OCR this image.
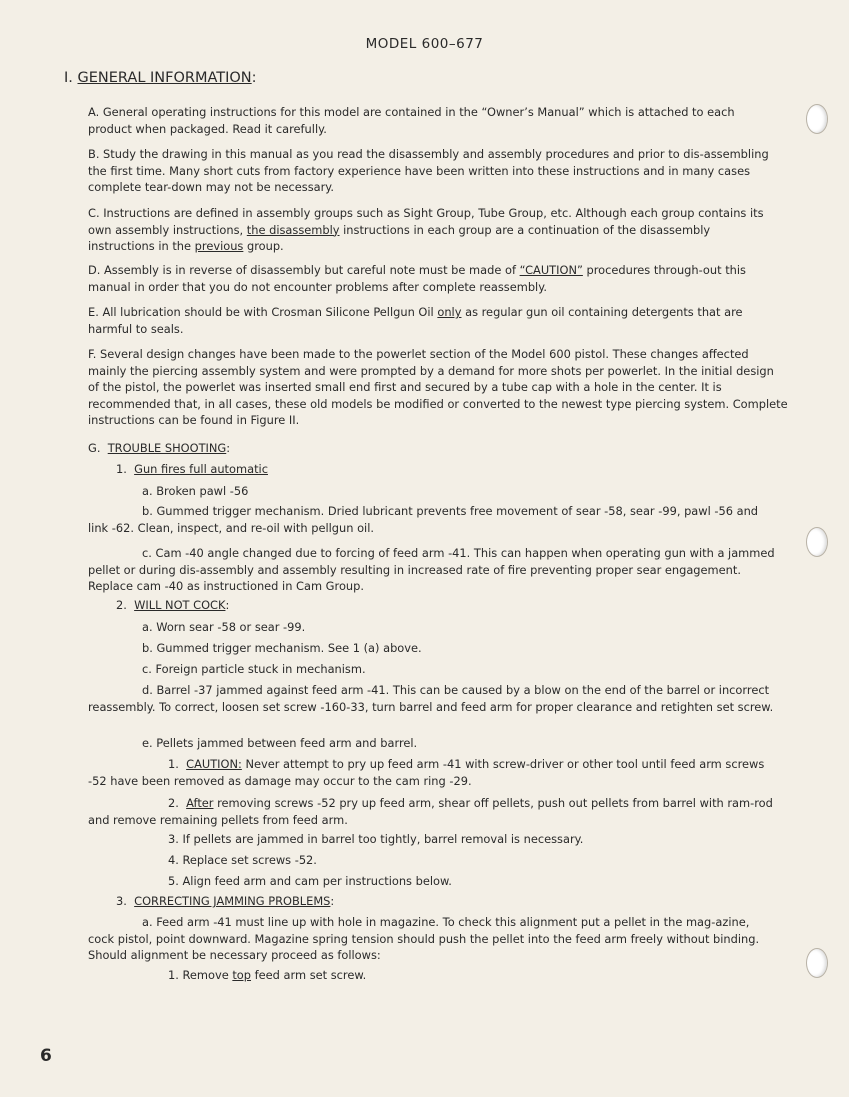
MODEL 600–677
I. GENERAL INFORMATION:

A. General operating instructions for this model are contained in the “Owner’s Manual” which is attached to each product when packaged. Read it carefully.

B. Study the drawing in this manual as you read the disassembly and assembly procedures and prior to dis-assembling the first time. Many short cuts from factory experience have been written into these instructions and in many cases complete tear-down may not be necessary.

C. Instructions are defined in assembly groups such as Sight Group, Tube Group, etc. Although each group contains its own assembly instructions, the disassembly instructions in each group are a continuation of the disassembly instructions in the previous group.

D. Assembly is in reverse of disassembly but careful note must be made of “CAUTION” procedures through-out this manual in order that you do not encounter problems after complete reassembly.

E. All lubrication should be with Crosman Silicone Pellgun Oil only as regular gun oil containing detergents that are harmful to seals.

F. Several design changes have been made to the powerlet section of the Model 600 pistol. These changes affected mainly the piercing assembly system and were prompted by a demand for more shots per powerlet. In the initial design of the pistol, the powerlet was inserted small end first and secured by a tube cap with a hole in the center. It is recommended that, in all cases, these old models be modified or converted to the newest type piercing system. Complete instructions can be found in Figure II.

G. TROUBLE SHOOTING:
1. Gun fires full automatic
a. Broken pawl -56

b. Gummed trigger mechanism. Dried lubricant prevents free movement of sear -58, sear -99, pawl -56 and link -62. Clean, inspect, and re-oil with pellgun oil.

c. Cam -40 angle changed due to forcing of feed arm -41. This can happen when operating gun with a jammed pellet or during dis-assembly and assembly resulting in increased rate of fire preventing proper sear engagement. Replace cam -40 as instructioned in Cam Group.

2. WILL NOT COCK:
a. Worn sear -58 or sear -99.
b. Gummed trigger mechanism. See 1 (a) above.
c. Foreign particle stuck in mechanism.

d. Barrel -37 jammed against feed arm -41. This can be caused by a blow on the end of the barrel or incorrect reassembly. To correct, loosen set screw -160-33, turn barrel and feed arm for proper clearance and retighten set screw.

e. Pellets jammed between feed arm and barrel.

1. CAUTION: Never attempt to pry up feed arm -41 with screw-driver or other tool until feed arm screws -52 have been removed as damage may occur to the cam ring -29.

2. After removing screws -52 pry up feed arm, shear off pellets, push out pellets from barrel with ram-rod and remove remaining pellets from feed arm.

3. If pellets are jammed in barrel too tightly, barrel removal is necessary.
4. Replace set screws -52.
5. Align feed arm and cam per instructions below.
3. CORRECTING JAMMING PROBLEMS:

a. Feed arm -41 must line up with hole in magazine. To check this alignment put a pellet in the mag-azine, cock pistol, point downward. Magazine spring tension should push the pellet into the feed arm freely without binding. Should alignment be necessary proceed as follows:

1. Remove top feed arm set screw.
6
